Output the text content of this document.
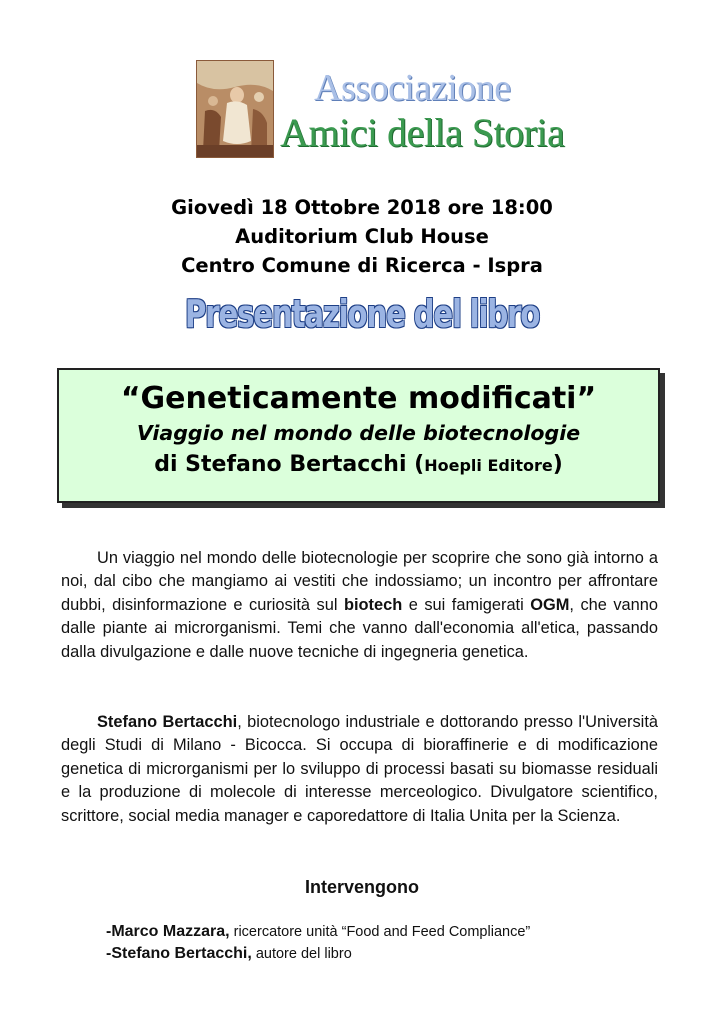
Associazione
Amici della Storia
Giovedì 18 Ottobre 2018 ore 18:00
Auditorium Club House
Centro Comune di Ricerca - Ispra
Presentazione del libro
“Geneticamente modificati”
Viaggio nel mondo delle biotecnologie
di Stefano Bertacchi (Hoepli Editore)
Un viaggio nel mondo delle biotecnologie per scoprire che sono già intorno a noi, dal cibo che mangiamo ai vestiti che indossiamo; un incontro per affrontare dubbi, disinformazione e curiosità sul biotech e sui famigerati OGM, che vanno dalle piante ai microrganismi. Temi che vanno dall'economia all'etica, passando dalla divulgazione e dalle nuove tecniche di ingegneria genetica.
Stefano Bertacchi, biotecnologo industriale e dottorando presso l'Università degli Studi di Milano - Bicocca. Si occupa di bioraffinerie e di modificazione genetica di microrganismi per lo sviluppo di processi basati su biomasse residuali e la produzione di molecole di interesse merceologico. Divulgatore scientifico, scrittore, social media manager e caporedattore di Italia Unita per la Scienza.
Intervengono
-Marco Mazzara, ricercatore unità “Food and Feed Compliance”
-Stefano Bertacchi, autore del libro
